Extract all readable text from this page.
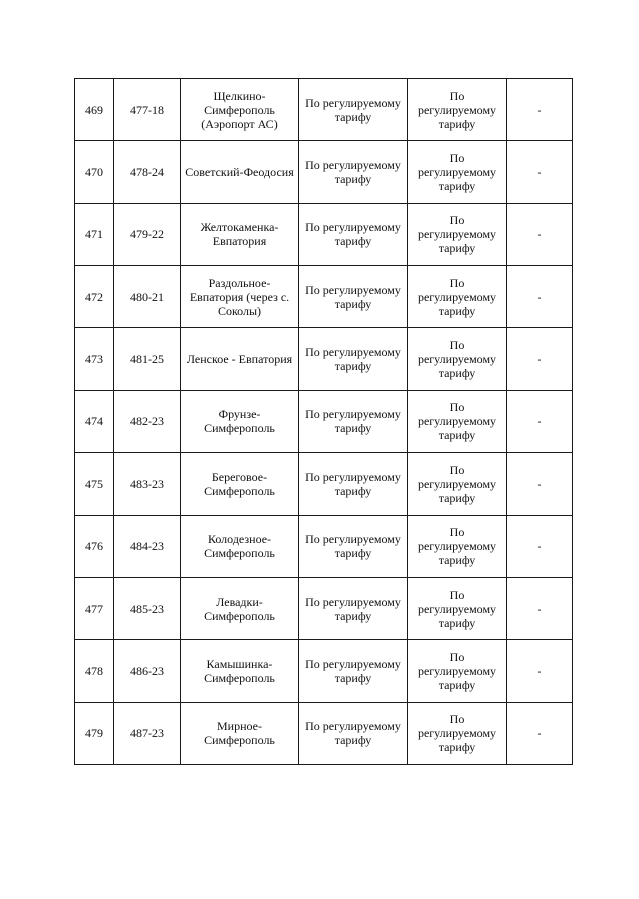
469	477-18	Щелкино-Симферополь (Аэропорт АС)	По регулируемому тарифу	По регулируемому тарифу	-
470	478-24	Советский-Феодосия	По регулируемому тарифу	По регулируемому тарифу	-
471	479-22	Желтокаменка-Евпатория	По регулируемому тарифу	По регулируемому тарифу	-
472	480-21	Раздольное-Евпатория (через с. Соколы)	По регулируемому тарифу	По регулируемому тарифу	-
473	481-25	Ленское - Евпатория	По регулируемому тарифу	По регулируемому тарифу	-
474	482-23	Фрунзе-Симферополь	По регулируемому тарифу	По регулируемому тарифу	-
475	483-23	Береговое-Симферополь	По регулируемому тарифу	По регулируемому тарифу	-
476	484-23	Колодезное-Симферополь	По регулируемому тарифу	По регулируемому тарифу	-
477	485-23	Левадки-Симферополь	По регулируемому тарифу	По регулируемому тарифу	-
478	486-23	Камышинка-Симферополь	По регулируемому тарифу	По регулируемому тарифу	-
479	487-23	Мирное-Симферополь	По регулируемому тарифу	По регулируемому тарифу	-
